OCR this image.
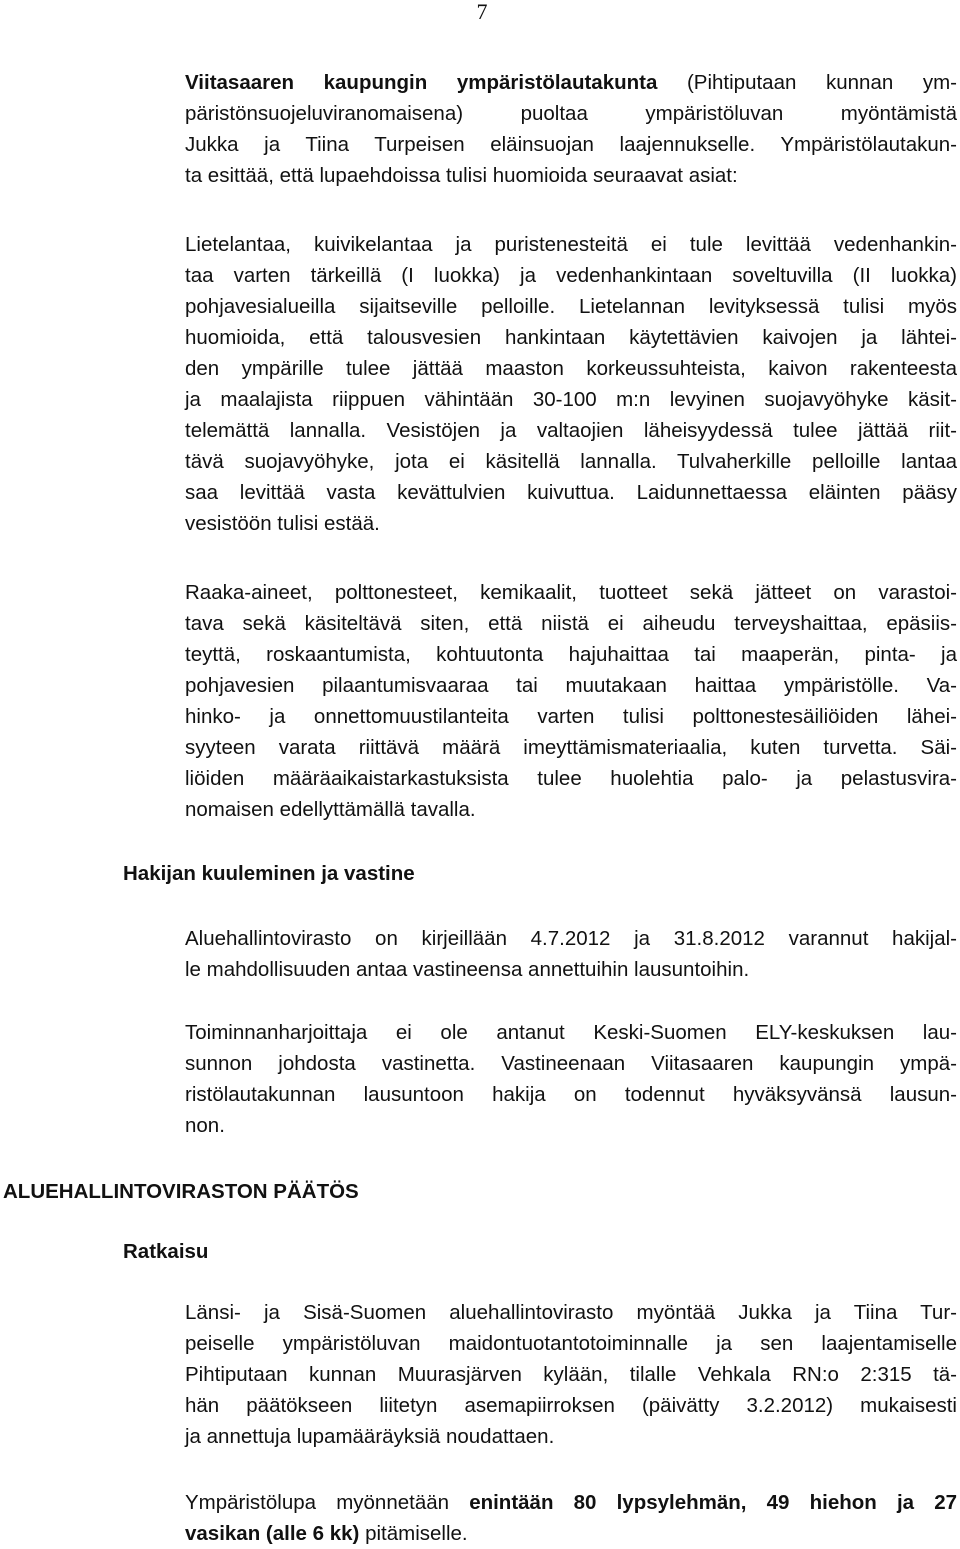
7
Viitasaaren kaupungin ympäristölautakunta (Pihtiputaan kunnan ym-
päristönsuojeluviranomaisena) puoltaa ympäristöluvan myöntämistä
Jukka ja Tiina Turpeisen eläinsuojan laajennukselle. Ympäristölautakun-
ta esittää, että lupaehdoissa tulisi huomioida seuraavat asiat:
Lietelantaa, kuivikelantaa ja puristenesteitä ei tule levittää vedenhankin-
taa varten tärkeillä (I luokka) ja vedenhankintaan soveltuvilla (II luokka)
pohjavesialueilla sijaitseville pelloille. Lietelannan levityksessä tulisi myös
huomioida, että talousvesien hankintaan käytettävien kaivojen ja lähtei-
den ympärille tulee jättää maaston korkeussuhteista, kaivon rakenteesta
ja maalajista riippuen vähintään 30-100 m:n levyinen suojavyöhyke käsit-
telemättä lannalla. Vesistöjen ja valtaojien läheisyydessä tulee jättää riit-
tävä suojavyöhyke, jota ei käsitellä lannalla. Tulvaherkille pelloille lantaa
saa levittää vasta kevättulvien kuivuttua. Laidunnettaessa eläinten pääsy
vesistöön tulisi estää.
Raaka-aineet, polttonesteet, kemikaalit, tuotteet sekä jätteet on varastoi-
tava sekä käsiteltävä siten, että niistä ei aiheudu terveyshaittaa, epäsiis-
teyttä, roskaantumista, kohtuutonta hajuhaittaa tai maaperän, pinta- ja
pohjavesien pilaantumisvaaraa tai muutakaan haittaa ympäristölle. Va-
hinko- ja onnettomuustilanteita varten tulisi polttonestesäiliöiden lähei-
syyteen varata riittävä määrä imeyttämismateriaalia, kuten turvetta. Säi-
liöiden määräaikaistarkastuksista tulee huolehtia palo- ja pelastusvira-
nomaisen edellyttämällä tavalla.
Hakijan kuuleminen ja vastine
Aluehallintovirasto on kirjeillään 4.7.2012 ja 31.8.2012 varannut hakijal-
le mahdollisuuden antaa vastineensa annettuihin lausuntoihin.
Toiminnanharjoittaja ei ole antanut Keski-Suomen ELY-keskuksen lau-
sunnon johdosta vastinetta. Vastineenaan Viitasaaren kaupungin ympä-
ristölautakunnan lausuntoon hakija on todennut hyväksyvänsä lausun-
non.
ALUEHALLINTOVIRASTON PÄÄTÖS
Ratkaisu
Länsi- ja Sisä-Suomen aluehallintovirasto myöntää Jukka ja Tiina Tur-
peiselle ympäristöluvan maidontuotantotoiminnalle ja sen laajentamiselle
Pihtiputaan kunnan Muurasjärven kylään, tilalle Vehkala RN:o 2:315 tä-
hän päätökseen liitetyn asemapiirroksen (päivätty 3.2.2012) mukaisesti
ja annettuja lupamääräyksiä noudattaen.
Ympäristölupa myönnetään enintään 80 lypsylehmän, 49 hiehon ja 27
vasikan (alle 6 kk) pitämiselle.
